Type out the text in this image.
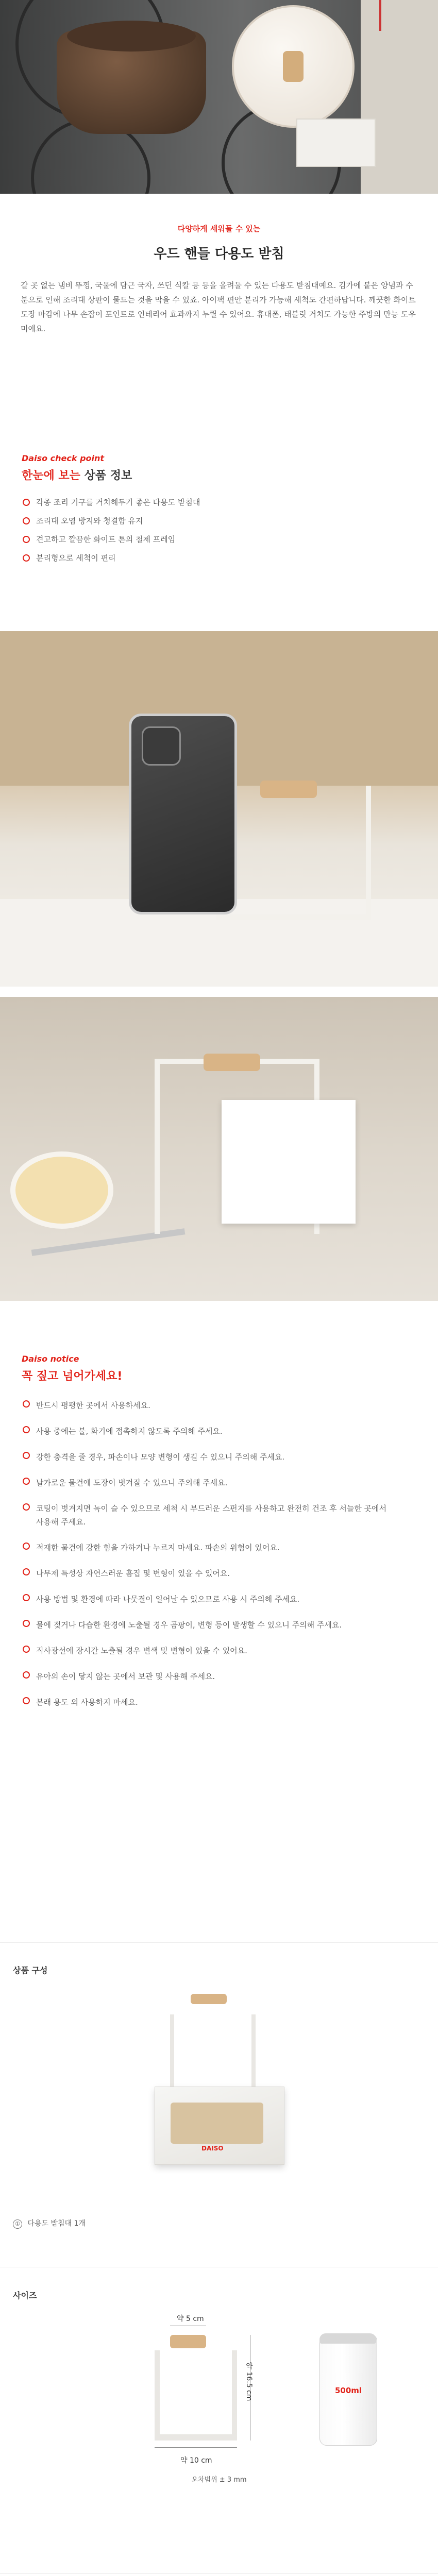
다양하게 세워둘 수 있는
우드 핸들 다용도 받침
갈 곳 없는 냄비 뚜껑, 국물에 담근 국자, 쓰던 식칼 등 등을 올려둘 수 있는 다용도 받침대예요. 김가에 붙은 양념과 수분으로 인해 조리대 상판이 물드는 것을 막을 수 있죠. 아이팩 편안 분리가 가능해 세척도 간편하답니다. 깨끗한 화이트 도장 마감에 나무 손잡이 포인트로 인테리어 효과까지 누릴 수 있어요. 휴대폰, 태블릿 거치도 가능한 주방의 만능 도우미예요.
Daiso check point
한눈에 보는 상품 정보
각종 조리 기구를 거치해두기 좋은 다용도 받침대
조리대 오염 방지와 청결함 유지
견고하고 깔끔한 화이트 톤의 철제 프레임
분리형으로 세척이 편리
Daiso notice
꼭 짚고 넘어가세요!
반드시 평평한 곳에서 사용하세요.
사용 중에는 불, 화기에 접촉하지 않도록 주의해 주세요.
강한 충격을 줄 경우, 파손이나 모양 변형이 생길 수 있으니 주의해 주세요.
날카로운 물건에 도장이 벗겨질 수 있으니 주의해 주세요.
코팅이 벗겨지면 녹이 슬 수 있으므로 세척 시 부드러운 스펀지를 사용하고 완전히 건조 후 서늘한 곳에서 사용해 주세요.
적재한 물건에 강한 힘을 가하거나 누르지 마세요. 파손의 위험이 있어요.
나무제 특성상 자연스러운 흠집 및 변형이 있을 수 있어요.
사용 방법 및 환경에 따라 나뭇결이 일어날 수 있으므로 사용 시 주의해 주세요.
물에 젖거나 다습한 환경에 노출될 경우 곰팡이, 변형 등이 발생할 수 있으니 주의해 주세요.
직사광선에 장시간 노출될 경우 변색 및 변형이 있을 수 있어요.
유아의 손이 닿지 않는 곳에서 보관 및 사용해 주세요.
본래 용도 외 사용하지 마세요.
상품 구성
DAISO
① 다용도 받침대 1개
사이즈
약 5 cm
약 16.5 cm	500ml
약 10 cm
오차범위 ± 3 mm
